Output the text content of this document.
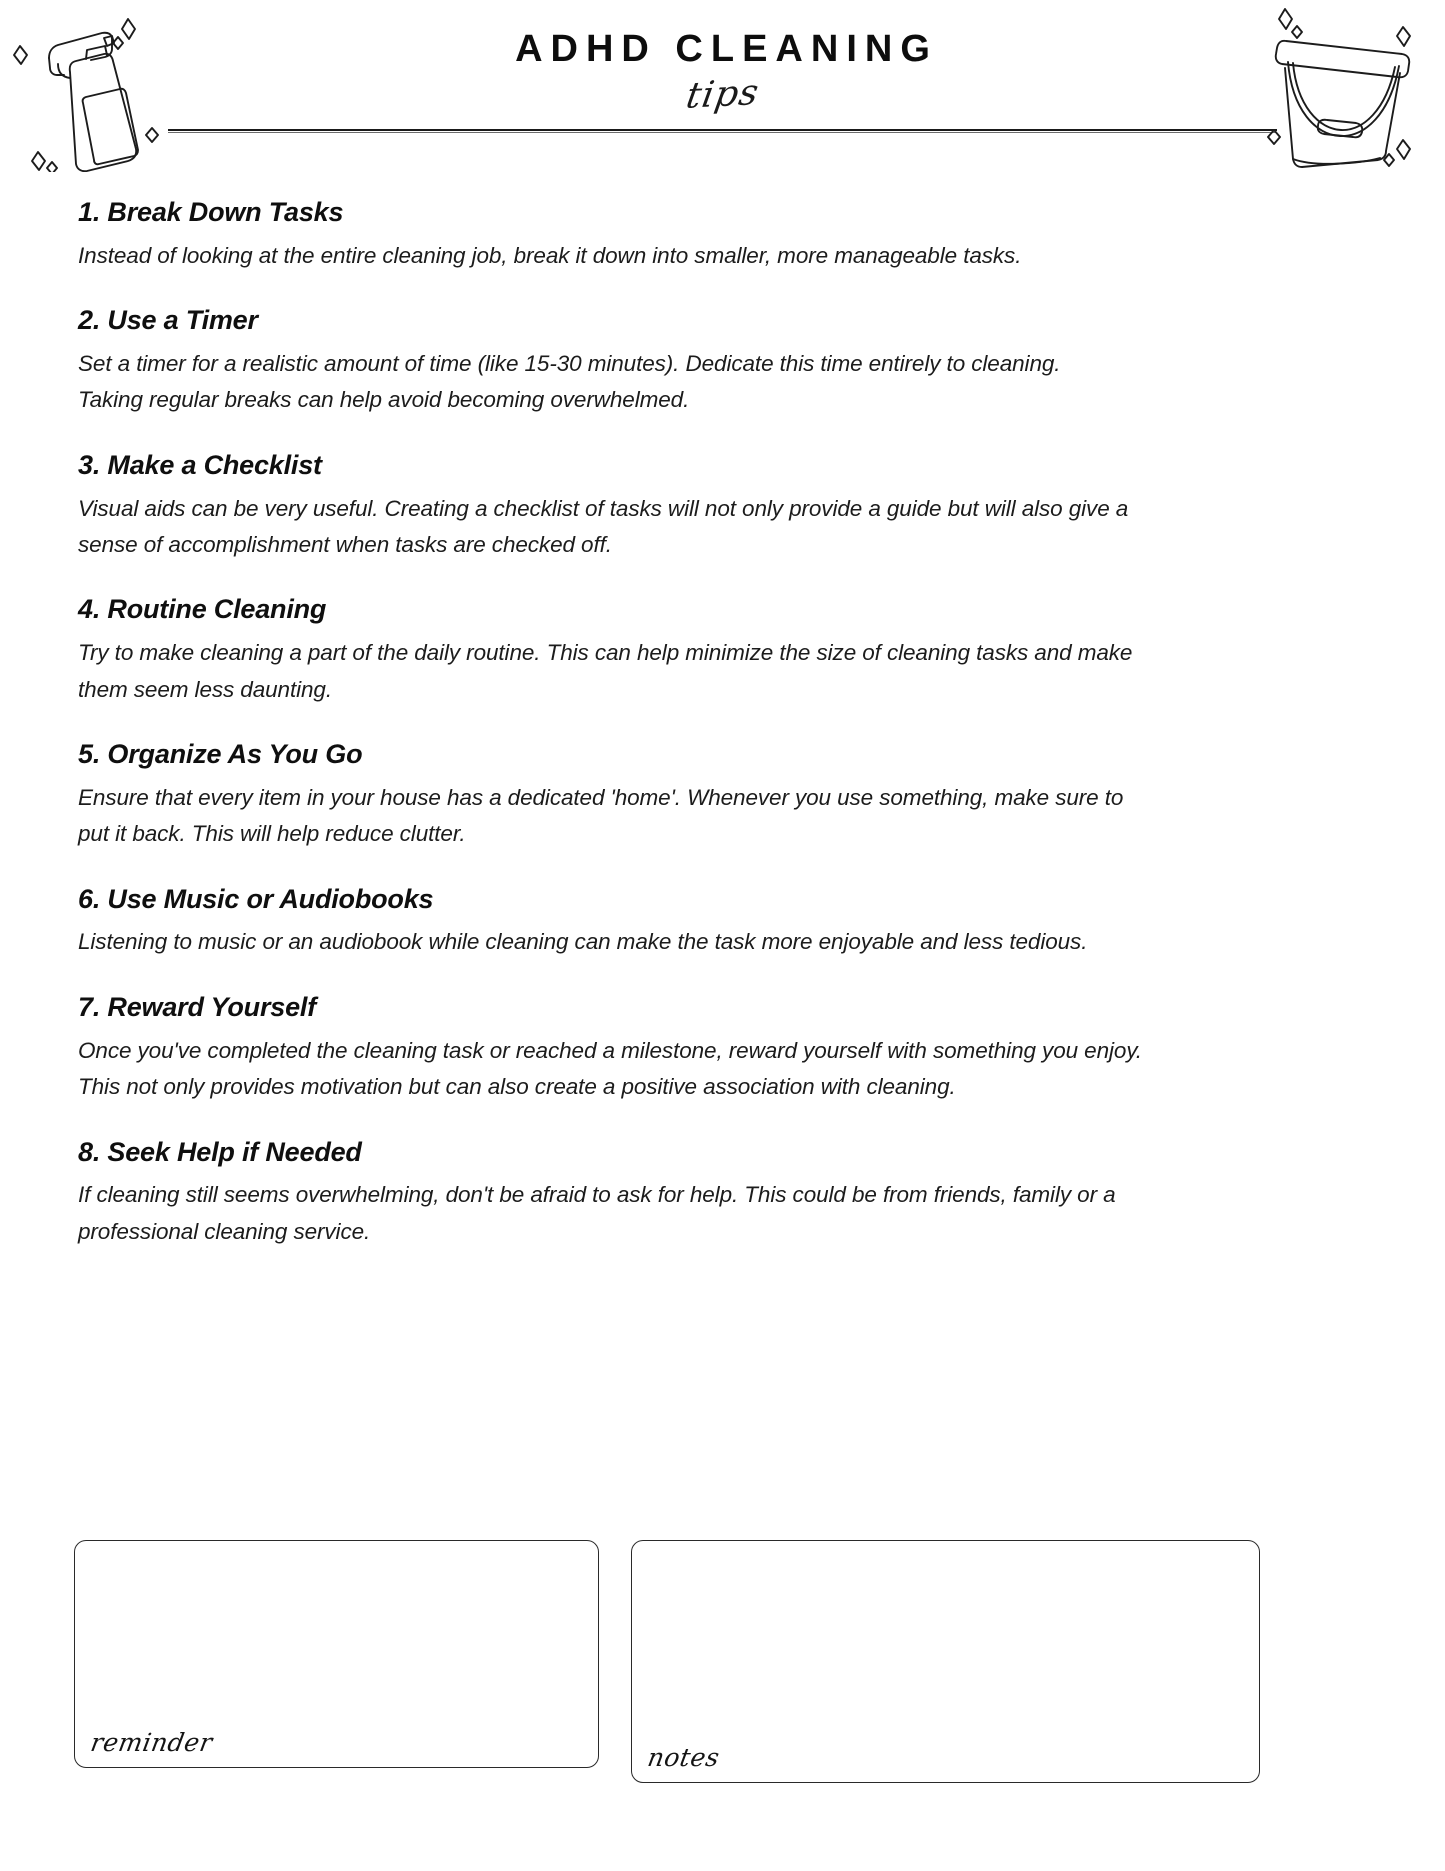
ADHD CLEANING
tips
1. Break Down Tasks

Instead of looking at the entire cleaning job, break it down into smaller, more manageable tasks.

2. Use a Timer

Set a timer for a realistic amount of time (like 15-30 minutes). Dedicate this time entirely to cleaning.
Taking regular breaks can help avoid becoming overwhelmed.

3. Make a Checklist

Visual aids can be very useful. Creating a checklist of tasks will not only provide a guide but will also give a
sense of accomplishment when tasks are checked off.

4. Routine Cleaning

Try to make cleaning a part of the daily routine. This can help minimize the size of cleaning tasks and make
them seem less daunting.

5. Organize As You Go

Ensure that every item in your house has a dedicated 'home'. Whenever you use something, make sure to
put it back. This will help reduce clutter.

6. Use Music or Audiobooks

Listening to music or an audiobook while cleaning can make the task more enjoyable and less tedious.

7. Reward Yourself

Once you've completed the cleaning task or reached a milestone, reward yourself with something you enjoy.
This not only provides motivation but can also create a positive association with cleaning.

8. Seek Help if Needed

If cleaning still seems overwhelming, don't be afraid to ask for help. This could be from friends, family or a
professional cleaning service.

reminder
notes
